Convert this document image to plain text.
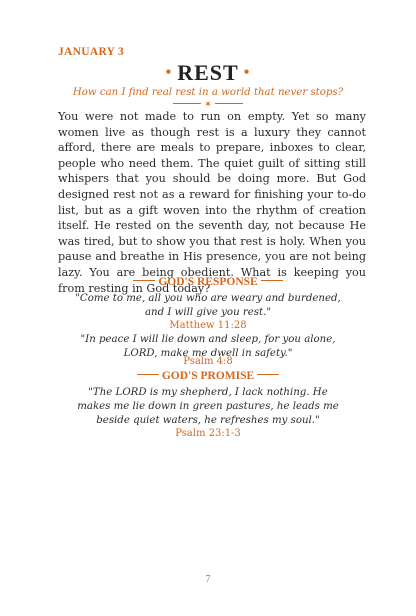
JANUARY 3
• REST •
How can I find real rest in a world that never stops?
✶

You were not made to run on empty. Yet so many women live as though rest is a luxury they cannot afford, there are meals to prepare, inboxes to clear, people who need them. The quiet guilt of sitting still whispers that you should be doing more. But God designed rest not as a reward for finishing your to-do list, but as a gift woven into the rhythm of creation itself. He rested on the seventh day, not because He was tired, but to show you that rest is holy. When you pause and breathe in His presence, you are not being lazy. You are being obedient. What is keeping you from resting in God today?

GOD'S RESPONSE

"Come to me, all you who are weary and burdened, and I will give you rest."

Matthew 11:28

"In peace I will lie down and sleep, for you alone, LORD, make me dwell in safety."

Psalm 4:8
GOD'S PROMISE

"The LORD is my shepherd, I lack nothing. He makes me lie down in green pastures, he leads me beside quiet waters, he refreshes my soul."

Psalm 23:1-3
7
